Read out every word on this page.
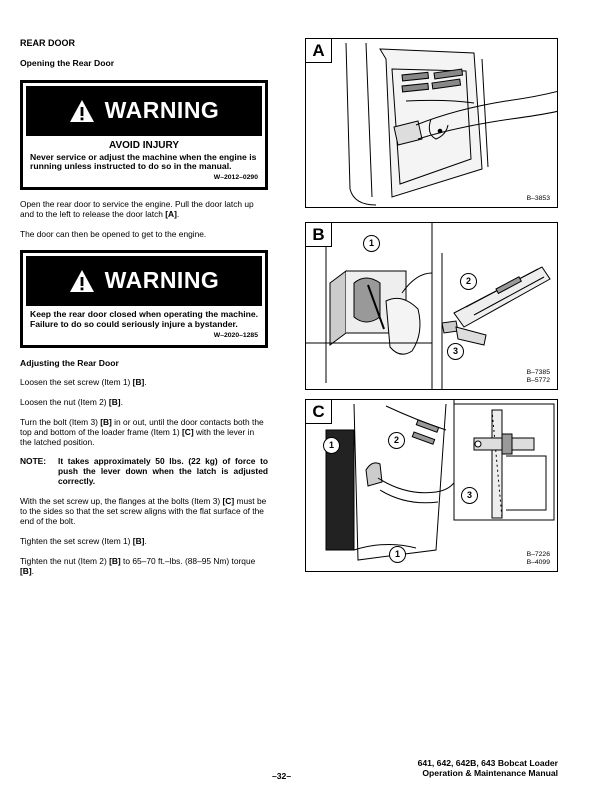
REAR DOOR
Opening the Rear Door
WARNING
AVOID INJURY
Never service or adjust the machine when the engine is running unless instructed to do so in the manual.
W–2012–0290
Open the rear door to service the engine. Pull the door latch up and to the left to release the door latch [A].
The door can then be opened to get to the engine.
WARNING
Keep the rear door closed when operating the machine. Failure to do so could seriously injure a bystander.
W–2020–1285
Adjusting the Rear Door
Loosen the set screw (Item 1) [B].
Loosen the nut (Item 2) [B].
Turn the bolt (Item 3) [B] in or out, until the door contacts both the top and bottom of the loader frame (Item 1) [C] with the lever in the latched position.
NOTE:	It takes approximately 50 lbs. (22 kg) of force to push the lever down when the latch is adjusted correctly.
With the set screw up, the flanges at the bolts (Item 3) [C] must be to the sides so that the set screw aligns with the flat surface of the end of the bolt.
Tighten the set screw (Item 1) [B].
Tighten the nut (Item 2) [B] to 65–70 ft.–lbs. (88–95 Nm) torque [B].
A
B–3853
B	1
2
3
B–7385
B–5772
C
1	2
3
1	B–7226
B–4099
–32–
641, 642, 642B, 643 Bobcat Loader
Operation & Maintenance Manual
